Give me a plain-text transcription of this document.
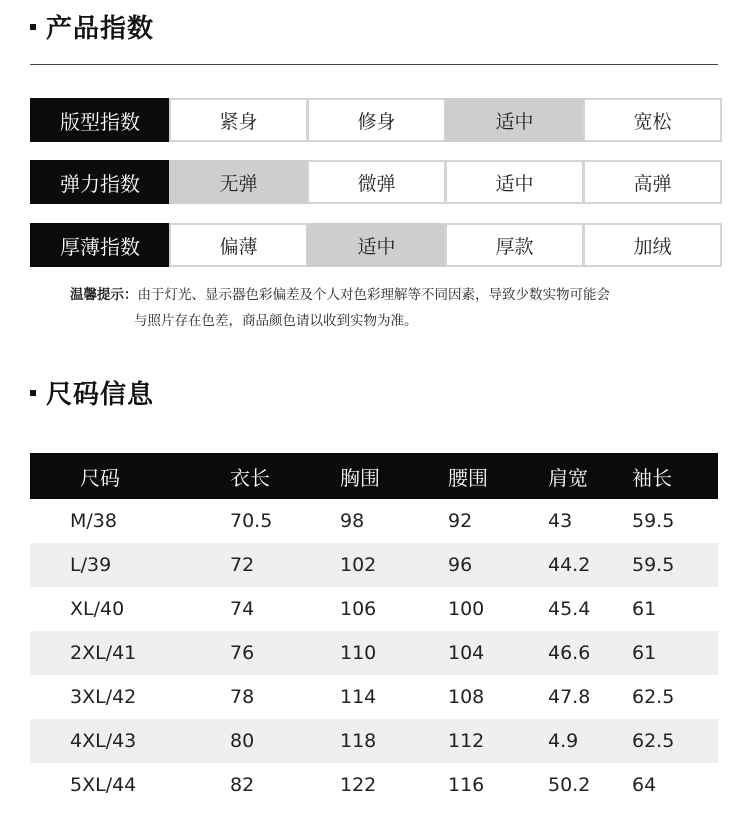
产品指数
版型指数	紧身	修身	适中	宽松
弹力指数	无弹	微弹	适中	高弹
厚薄指数	偏薄	适中	厚款	加绒
温馨提示：由于灯光、显示器色彩偏差及个人对色彩理解等不同因素，导致少数实物可能会
与照片存在色差，商品颜色请以收到实物为准。
尺码信息
尺码	衣长	胸围	腰围	肩宽	袖长
M/38	70.5	98	92	43	59.5
L/39	72	102	96	44.2	59.5
XL/40	74	106	100	45.4	61
2XL/41	76	110	104	46.6	61
3XL/42	78	114	108	47.8	62.5
4XL/43	80	118	112	4.9	62.5
5XL/44	82	122	116	50.2	64
